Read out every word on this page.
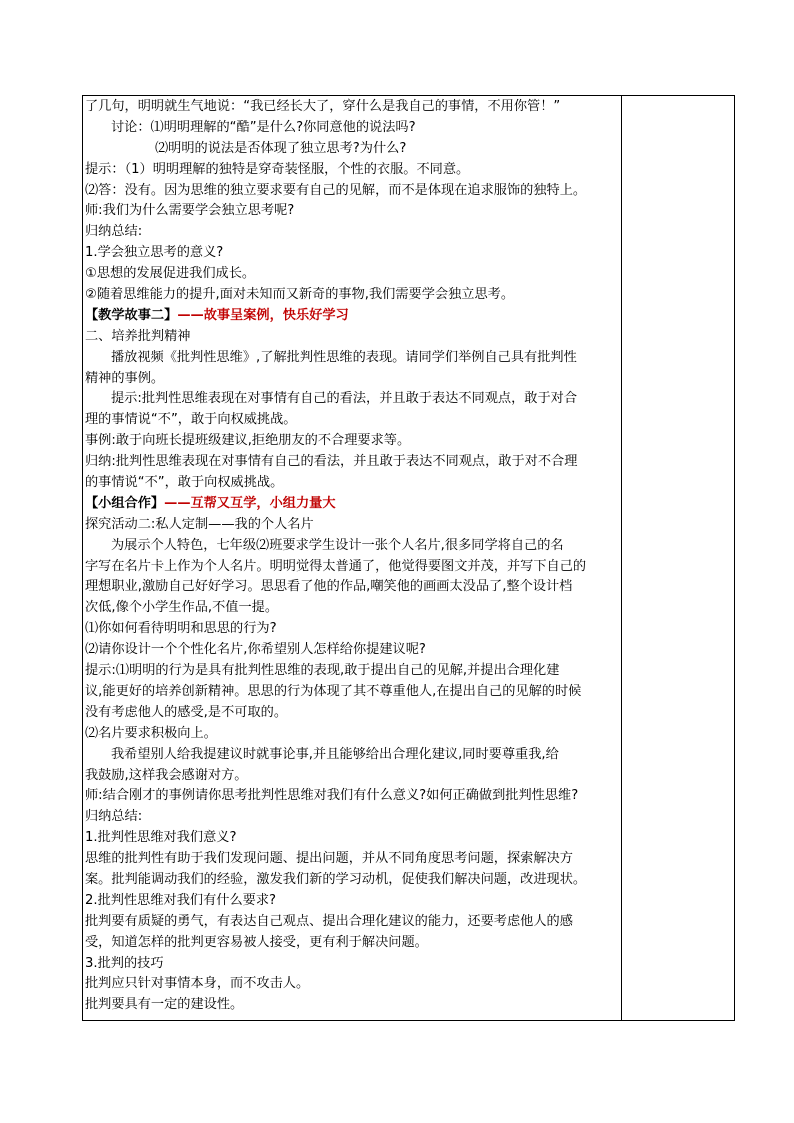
了几句，明明就生气地说：“我已经长大了，穿什么是我自己的事情，不用你管！”
讨论：⑴明明理解的“酷”是什么?你同意他的说法吗?
⑵明明的说法是否体现了独立思考?为什么?
提示：（1）明明理解的独特是穿奇装怪服，个性的衣服。不同意。
⑵答：没有。因为思维的独立要求要有自己的见解，而不是体现在追求服饰的独特上。
师:我们为什么需要学会独立思考呢?
归纳总结:
1.学会独立思考的意义?
①思想的发展促进我们成长。
②随着思维能力的提升,面对未知而又新奇的事物,我们需要学会独立思考。
【教学故事二】——故事呈案例，快乐好学习
二、培养批判精神
播放视频《批判性思维》,了解批判性思维的表现。请同学们举例自己具有批判性
精神的事例。
提示:批判性思维表现在对事情有自己的看法，并且敢于表达不同观点，敢于对合
理的事情说“不”，敢于向权威挑战。
事例:敢于向班长提班级建议,拒绝朋友的不合理要求等。
归纳:批判性思维表现在对事情有自己的看法，并且敢于表达不同观点，敢于对不合理
的事情说“不”，敢于向权威挑战。
【小组合作】——互帮又互学，小组力量大
探究活动二:私人定制——我的个人名片
为展示个人特色，七年级⑵班要求学生设计一张个人名片,很多同学将自己的名
字写在名片卡上作为个人名片。明明觉得太普通了，他觉得要图文并茂，并写下自己的
理想职业,激励自己好好学习。思思看了他的作品,嘲笑他的画画太没品了,整个设计档
次低,像个小学生作品,不值一提。
⑴你如何看待明明和思思的行为?
⑵请你设计一个个性化名片,你希望别人怎样给你提建议呢?
提示:⑴明明的行为是具有批判性思维的表现,敢于提出自己的见解,并提出合理化建
议,能更好的培养创新精神。思思的行为体现了其不尊重他人,在提出自己的见解的时候
没有考虑他人的感受,是不可取的。
⑵名片要求积极向上。
我希望别人给我提建议时就事论事,并且能够给出合理化建议,同时要尊重我,给
我鼓励,这样我会感谢对方。
师:结合刚才的事例请你思考批判性思维对我们有什么意义?如何正确做到批判性思维?
归纳总结:
1.批判性思维对我们意义?
思维的批判性有助于我们发现问题、提出问题，并从不同角度思考问题，探索解决方
案。批判能调动我们的经验，激发我们新的学习动机，促使我们解决问题，改进现状。
2.批判性思维对我们有什么要求?
批判要有质疑的勇气，有表达自己观点、提出合理化建议的能力，还要考虑他人的感
受，知道怎样的批判更容易被人接受，更有利于解决问题。
3.批判的技巧
批判应只针对事情本身，而不攻击人。
批判要具有一定的建设性。
